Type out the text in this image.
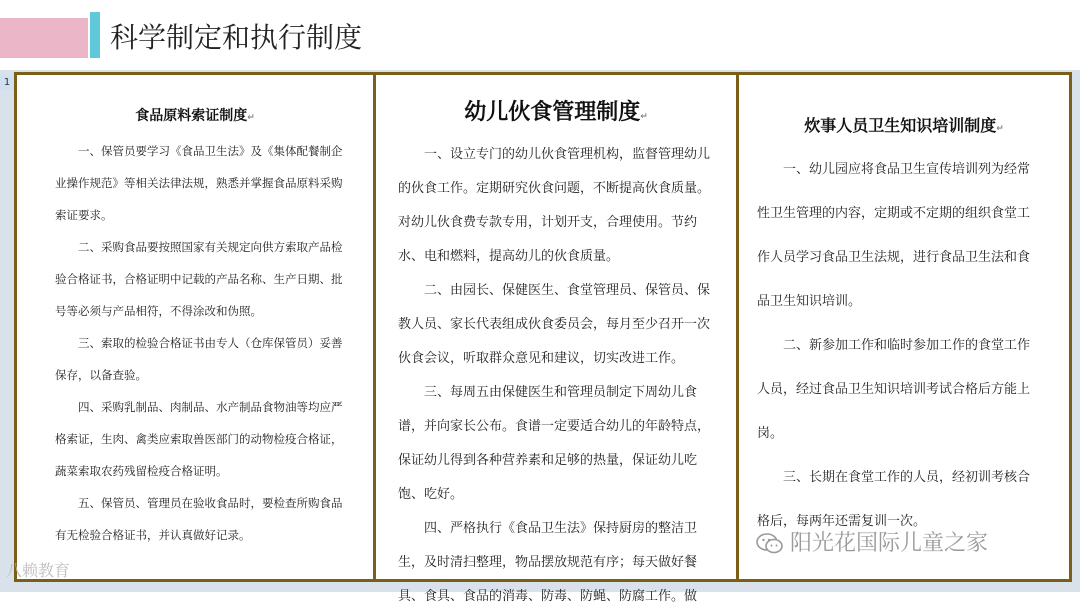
科学制定和执行制度
1
食品原料索证制度↵

一、保管员要学习《食品卫生法》及《集体配餐制企业操作规范》等相关法律法规，熟悉并掌握食品原料采购索证要求。

二、采购食品要按照国家有关规定向供方索取产品检验合格证书，合格证明中记载的产品名称、生产日期、批号等必须与产品相符，不得涂改和伪照。

三、索取的检验合格证书由专人（仓库保管员）妥善保存，以备查验。

四、采购乳制品、肉制品、水产制品食物油等均应严格索证，生肉、禽类应索取兽医部门的动物检疫合格证，蔬菜索取农药残留检疫合格证明。

五、保管员、管理员在验收食品时，要检查所购食品有无检验合格证书，并认真做好记录。

幼儿伙食管理制度↵

一、设立专门的幼儿伙食管理机构，监督管理幼儿的伙食工作。定期研究伙食问题，不断提高伙食质量。对幼儿伙食费专款专用，计划开支，合理使用。节约水、电和燃料，提高幼儿的伙食质量。

二、由园长、保健医生、食堂管理员、保管员、保教人员、家长代表组成伙食委员会，每月至少召开一次伙食会议，听取群众意见和建议，切实改进工作。

三、每周五由保健医生和管理员制定下周幼儿食谱，并向家长公布。食谱一定要适合幼儿的年龄特点，保证幼儿得到各种营养素和足够的热量，保证幼儿吃饱、吃好。

四、严格执行《食品卫生法》保持厨房的整洁卫生，及时清扫整理，物品摆放规范有序；每天做好餐具、食具、食品的消毒、防毒、防蝇、防腐工作。做

炊事人员卫生知识培训制度↵

一、幼儿园应将食品卫生宣传培训列为经常性卫生管理的内容，定期或不定期的组织食堂工作人员学习食品卫生法规，进行食品卫生法和食品卫生知识培训。

二、新参加工作和临时参加工作的食堂工作人员，经过食品卫生知识培训考试合格后方能上岗。

三、长期在食堂工作的人员，经初训考核合格后，每两年还需复训一次。

阳光花国际儿童之家
八赖教育
